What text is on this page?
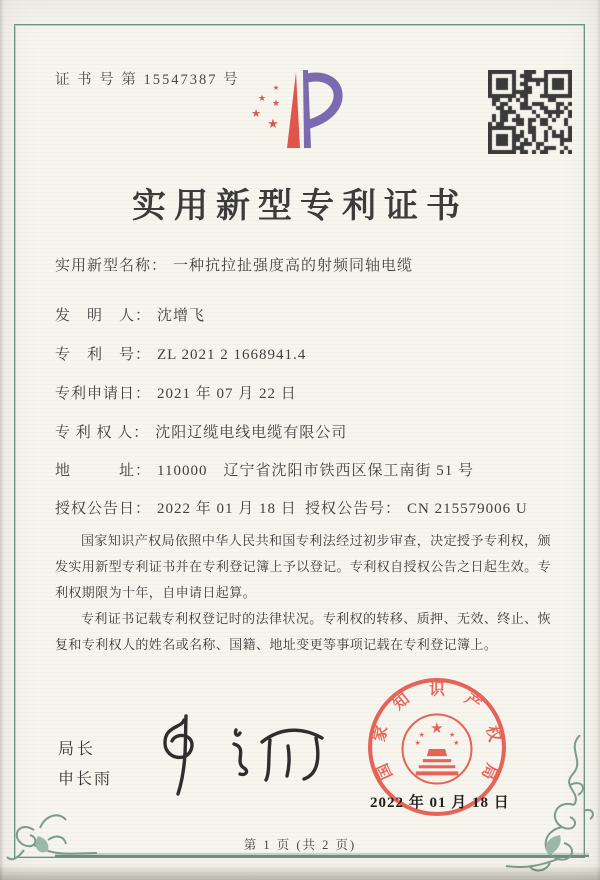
证 书 号 第 15547387 号	★
★ ★
★
★
实用新型专利证书
实用新型名称： 一种抗拉扯强度高的射频同轴电缆
发　明　人： 沈增飞
专　利　号： ZL 2021 2 1668941.4
专利申请日： 2021 年 07 月 22 日
专 利 权 人： 沈阳辽缆电线电缆有限公司
地　　　址： 110000　辽宁省沈阳市铁西区保工南街 51 号
授权公告日： 2022 年 01 月 18 日 授权公告号： CN 215579006 U

国家知识产权局依照中华人民共和国专利法经过初步审查，决定授予专利权，颁发实用新型专利证书并在专利登记簿上予以登记。专利权自授权公告之日起生效。专利权期限为十年，自申请日起算。

专利证书记载专利权登记时的法律状况。专利权的转移、质押、无效、终止、恢复和专利权人的姓名或名称、国籍、地址变更等事项记载在专利登记簿上。

局长
申长雨	国
家
知
识
产
权
局
★
★	★
★	★
2022 年 01 月 18 日
第 1 页 (共 2 页)
